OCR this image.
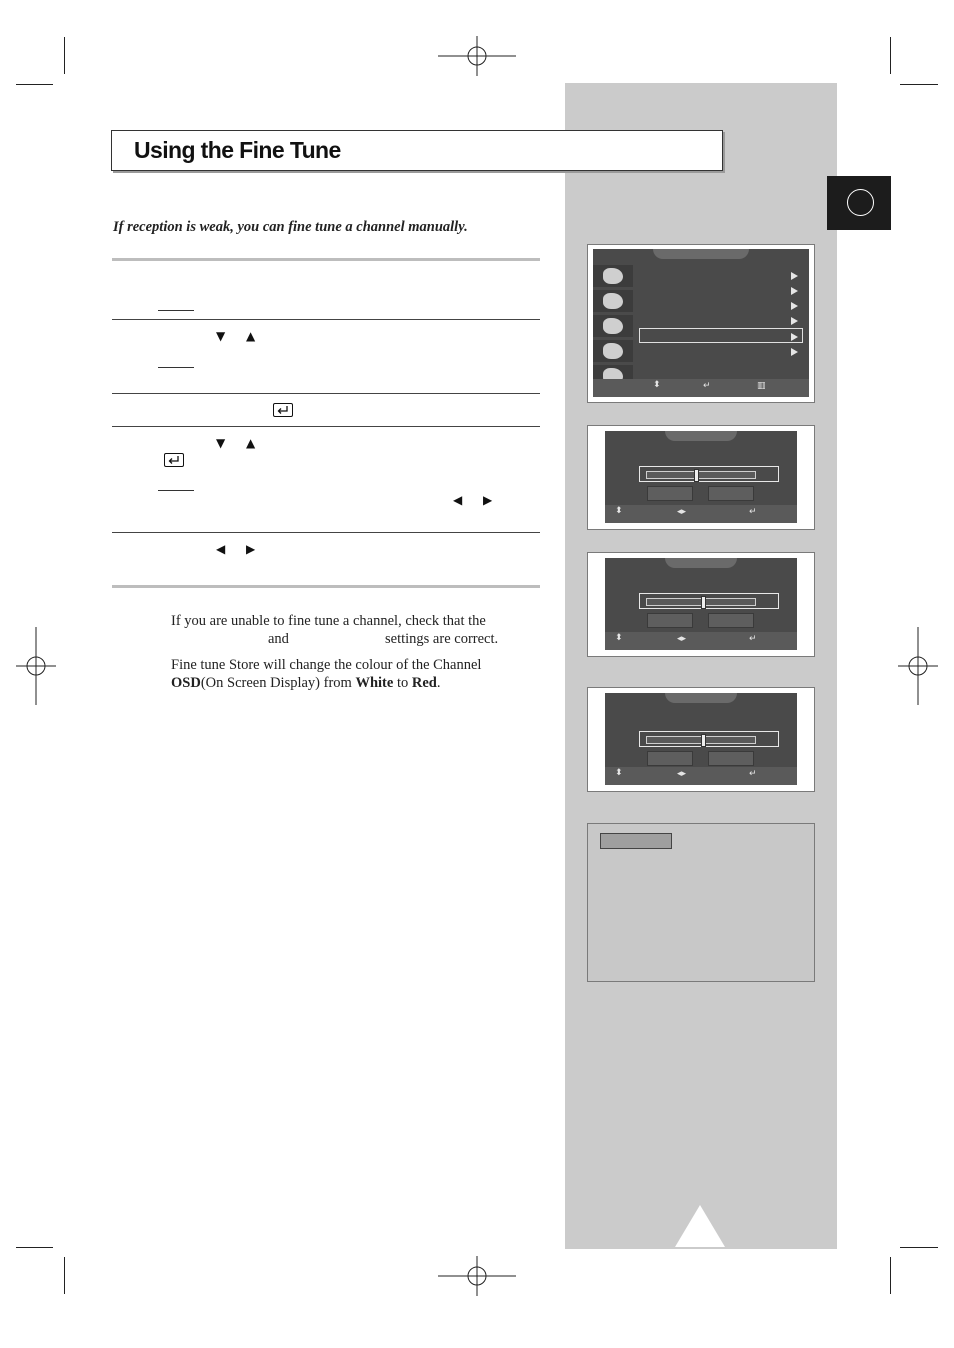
Using the Fine Tune
If reception is weak, you can fine tune a channel manually.
▼ ▲
▼ ▲
◀ ▶
◀ ▶
If you are unable to fine tune a channel, check that the
and	settings are correct.
Fine tune Store will change the colour of the Channel
OSD(On Screen Display) from White to Red.
⬍	↵	▥
⬍	◂▸	↵
⬍	◂▸	↵
⬍	◂▸	↵
